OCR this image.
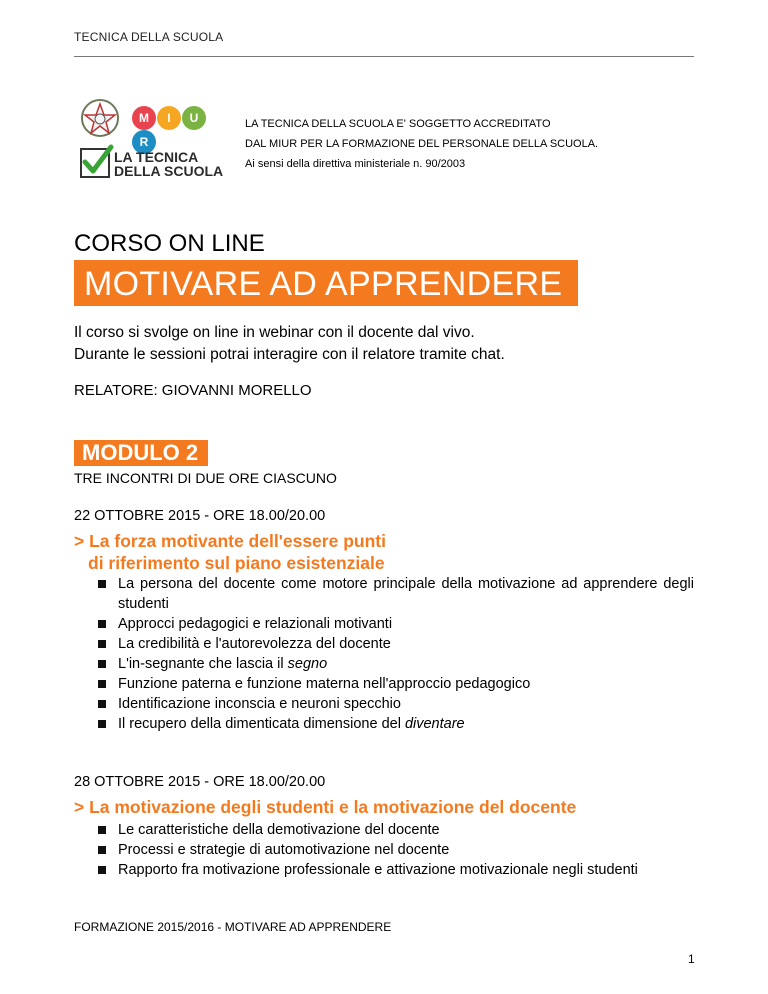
TECNICA DELLA SCUOLA
M I UR
LA TECNICA
DELLA SCUOLA
LA TECNICA DELLA SCUOLA E' SOGGETTO ACCREDITATO
DAL MIUR PER LA FORMAZIONE DEL PERSONALE DELLA SCUOLA.
Ai sensi della direttiva ministeriale n. 90/2003
CORSO ON LINE
MOTIVARE AD APPRENDERE
Il corso si svolge on line in webinar con il docente dal vivo.
Durante le sessioni potrai interagire con il relatore tramite chat.
RELATORE: GIOVANNI MORELLO
MODULO 2
TRE INCONTRI DI DUE ORE CIASCUNO
22 OTTOBRE 2015 - ORE 18.00/20.00
> La forza motivante dell'essere punti
di riferimento sul piano esistenziale
La persona del docente come motore principale della motivazione ad apprendere degli studenti
Approcci pedagogici e relazionali motivanti
La credibilità e l'autorevolezza del docente
L'in-segnante che lascia il segno
Funzione paterna e funzione materna nell'approccio pedagogico
Identificazione inconscia e neuroni specchio
Il recupero della dimenticata dimensione del diventare
28 OTTOBRE 2015 - ORE 18.00/20.00
> La motivazione degli studenti e la motivazione del docente
Le caratteristiche della demotivazione del docente
Processi e strategie di automotivazione nel docente
Rapporto fra motivazione professionale e attivazione motivazionale negli studenti
FORMAZIONE 2015/2016 - MOTIVARE AD APPRENDERE
1
